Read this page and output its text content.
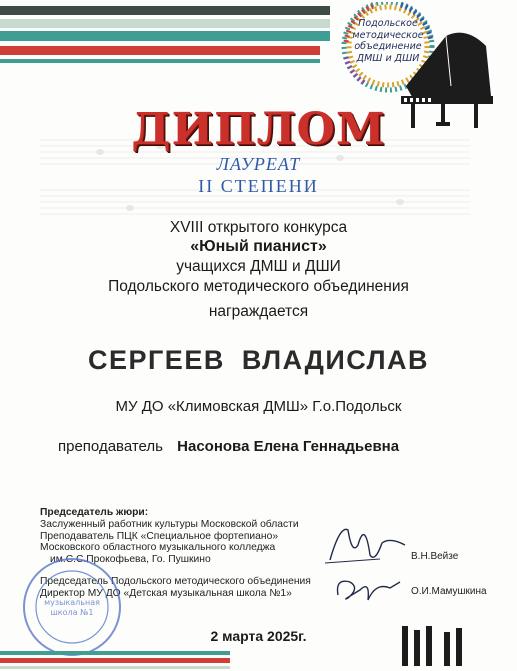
Подольское
методическое
объединение
ДМШ и ДШИ
ДИПЛОМ
ЛАУРЕАТ
II СТЕПЕНИ
XVIII открытого конкурса
«Юный пианист»
учащихся ДМШ и ДШИ
Подольского методического объединения
награждается
СЕРГЕЕВ ВЛАДИСЛАВ
МУ ДО «Климовская ДМШ» Г.о.Подольск
преподаватель Насонова Елена Геннадьевна
Председатель жюри:
Заслуженный работник культуры Московской области
Преподаватель ПЦК «Специальное фортепиано»
Московского областного музыкального колледжа
им.С.С.Прокофьева, Го. Пушкино	В.Н.Вейзе
Председатель Подольского методического объединения
Директор МУ ДО «Детская музыкальная школа №1»	О.И.Мамушкина
музыкальная
школа №1
2 марта 2025г.
